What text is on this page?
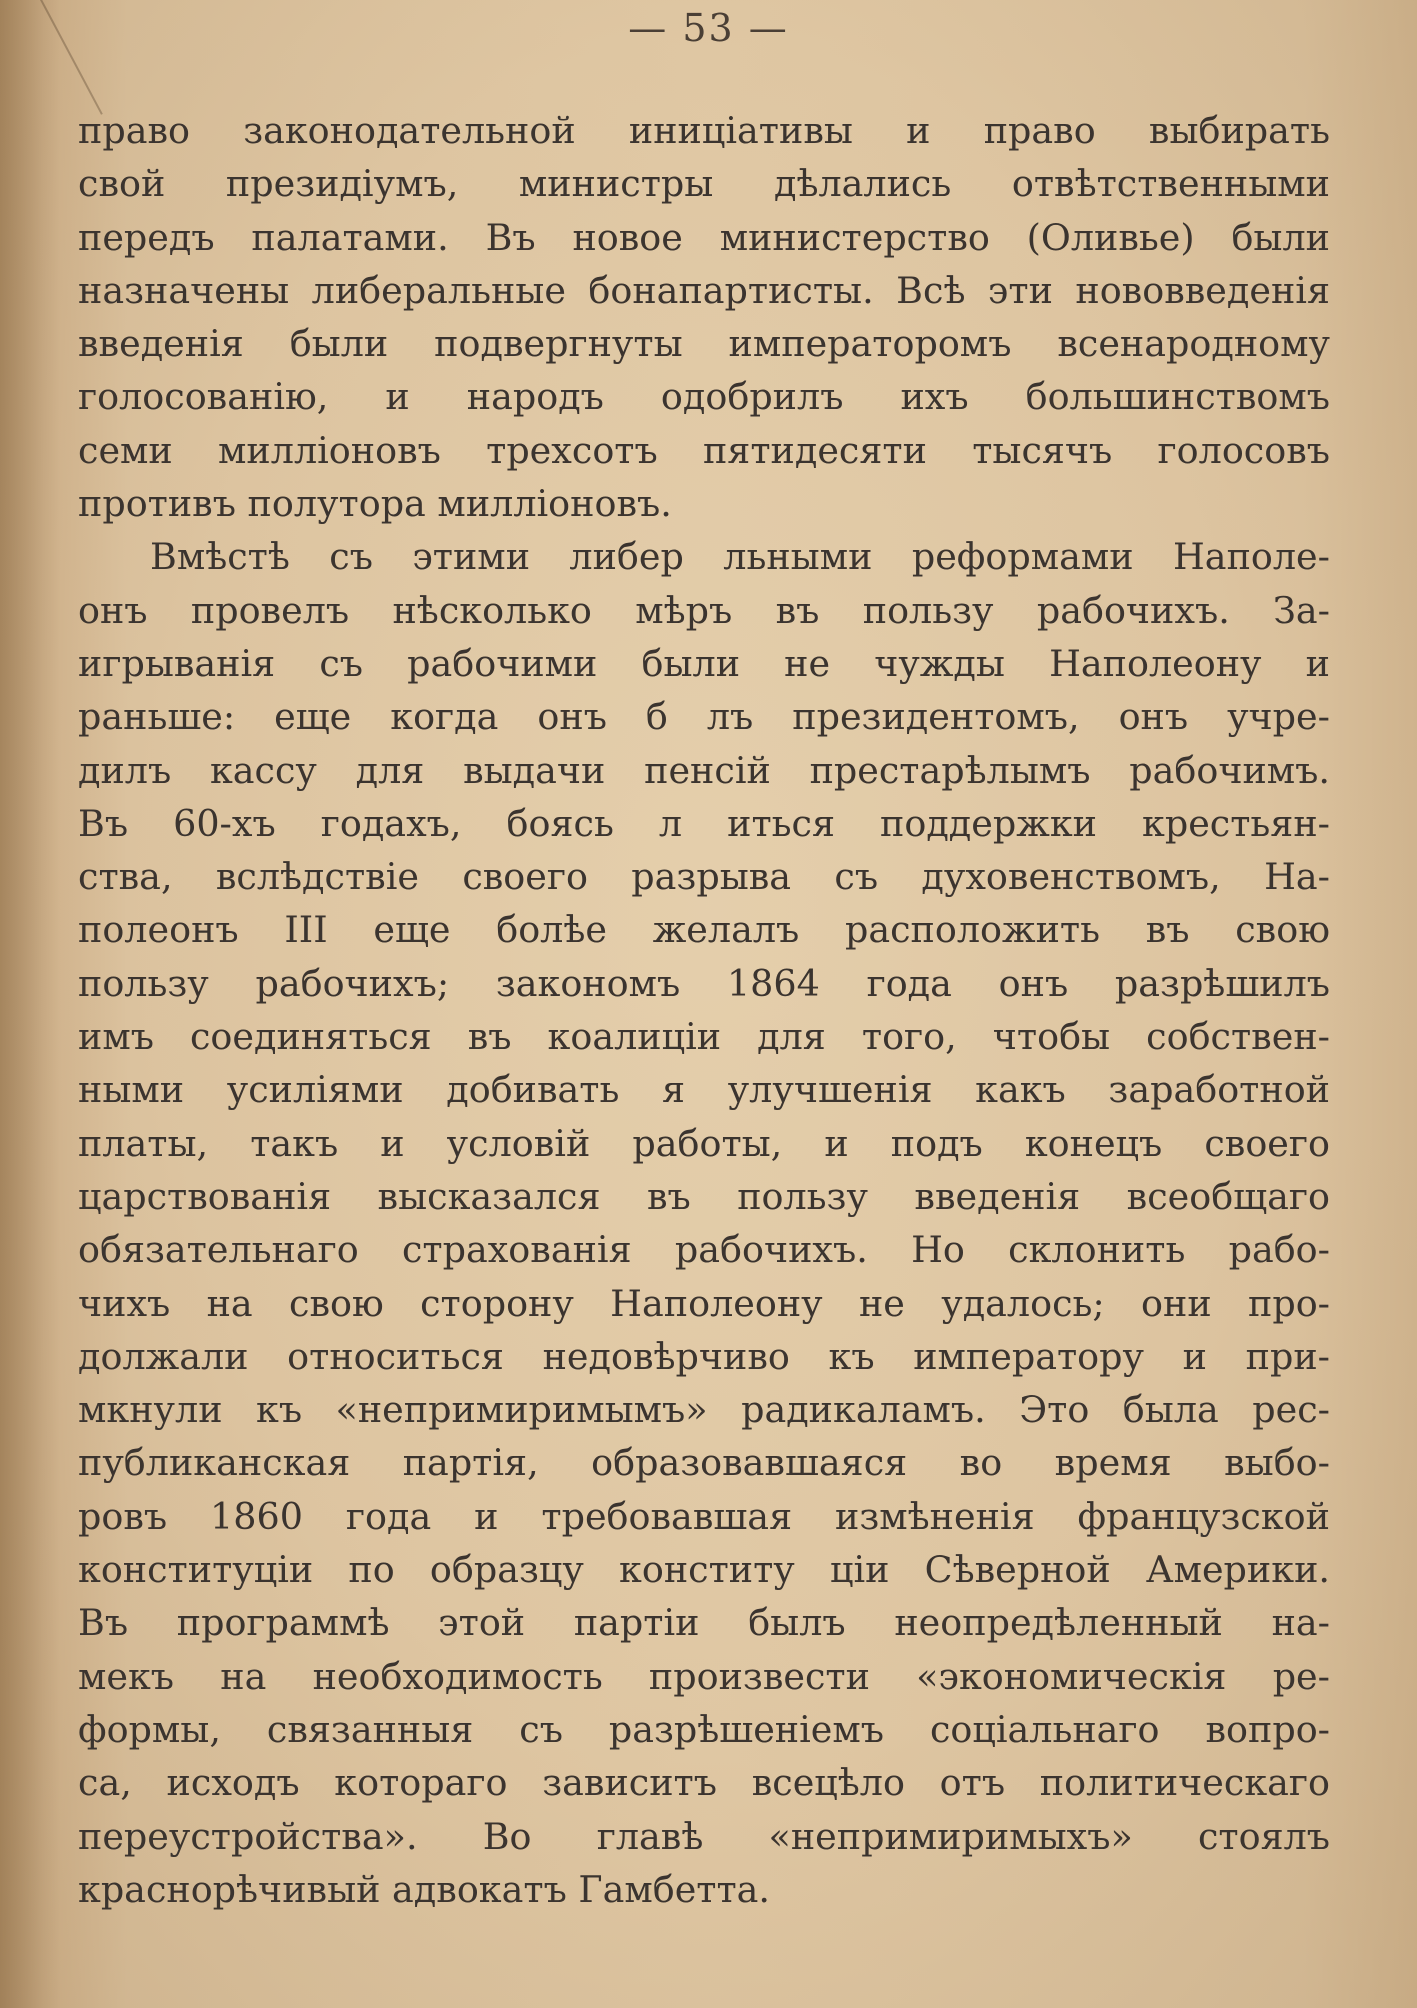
— 53 —
право законодательной иниціативы и право выбирать
свой президіумъ, министры дѣлались отвѣтственными
передъ палатами. Въ новое министерство (Оливье) были
назначены либеральные бонапартисты. Всѣ эти нововведенія
введенія были подвергнуты императоромъ всенародному
голосованію, и народъ одобрилъ ихъ большинствомъ
семи милліоновъ трехсотъ пятидесяти тысячъ голосовъ
противъ полутора милліоновъ.
Вмѣстѣ съ этими либер льными реформами Наполе-
онъ провелъ нѣсколько мѣръ въ пользу рабочихъ. За-
игрыванія съ рабочими были не чужды Наполеону и
раньше: еще когда онъ б лъ президентомъ, онъ учре-
дилъ кассу для выдачи пенсій престарѣлымъ рабочимъ.
Въ 60-хъ годахъ, боясь л иться поддержки крестьян-
ства, вслѣдствіе своего разрыва съ духовенствомъ, На-
полеонъ III еще болѣе желалъ расположить въ свою
пользу рабочихъ; закономъ 1864 года онъ разрѣшилъ
имъ соединяться въ коалиціи для того, чтобы собствен-
ными усиліями добивать я улучшенія какъ заработной
платы, такъ и условій работы, и подъ конецъ своего
царствованія высказался въ пользу введенія всеобщаго
обязательнаго страхованія рабочихъ. Но склонить рабо-
чихъ на свою сторону Наполеону не удалось; они про-
должали относиться недовѣрчиво къ императору и при-
мкнули къ «непримиримымъ» радикаламъ. Это была рес-
публиканская партія, образовавшаяся во время выбо-
ровъ 1860 года и требовавшая измѣненія французской
конституціи по образцу конститу ціи Сѣверной Америки.
Въ программѣ этой партіи былъ неопредѣленный на-
мекъ на необходимость произвести «экономическія ре-
формы, связанныя съ разрѣшеніемъ соціальнаго вопро-
са, исходъ котораго зависитъ всецѣло отъ политическаго
переустройства». Во главѣ «непримиримыхъ» стоялъ
краснорѣчивый адвокатъ Гамбетта.
